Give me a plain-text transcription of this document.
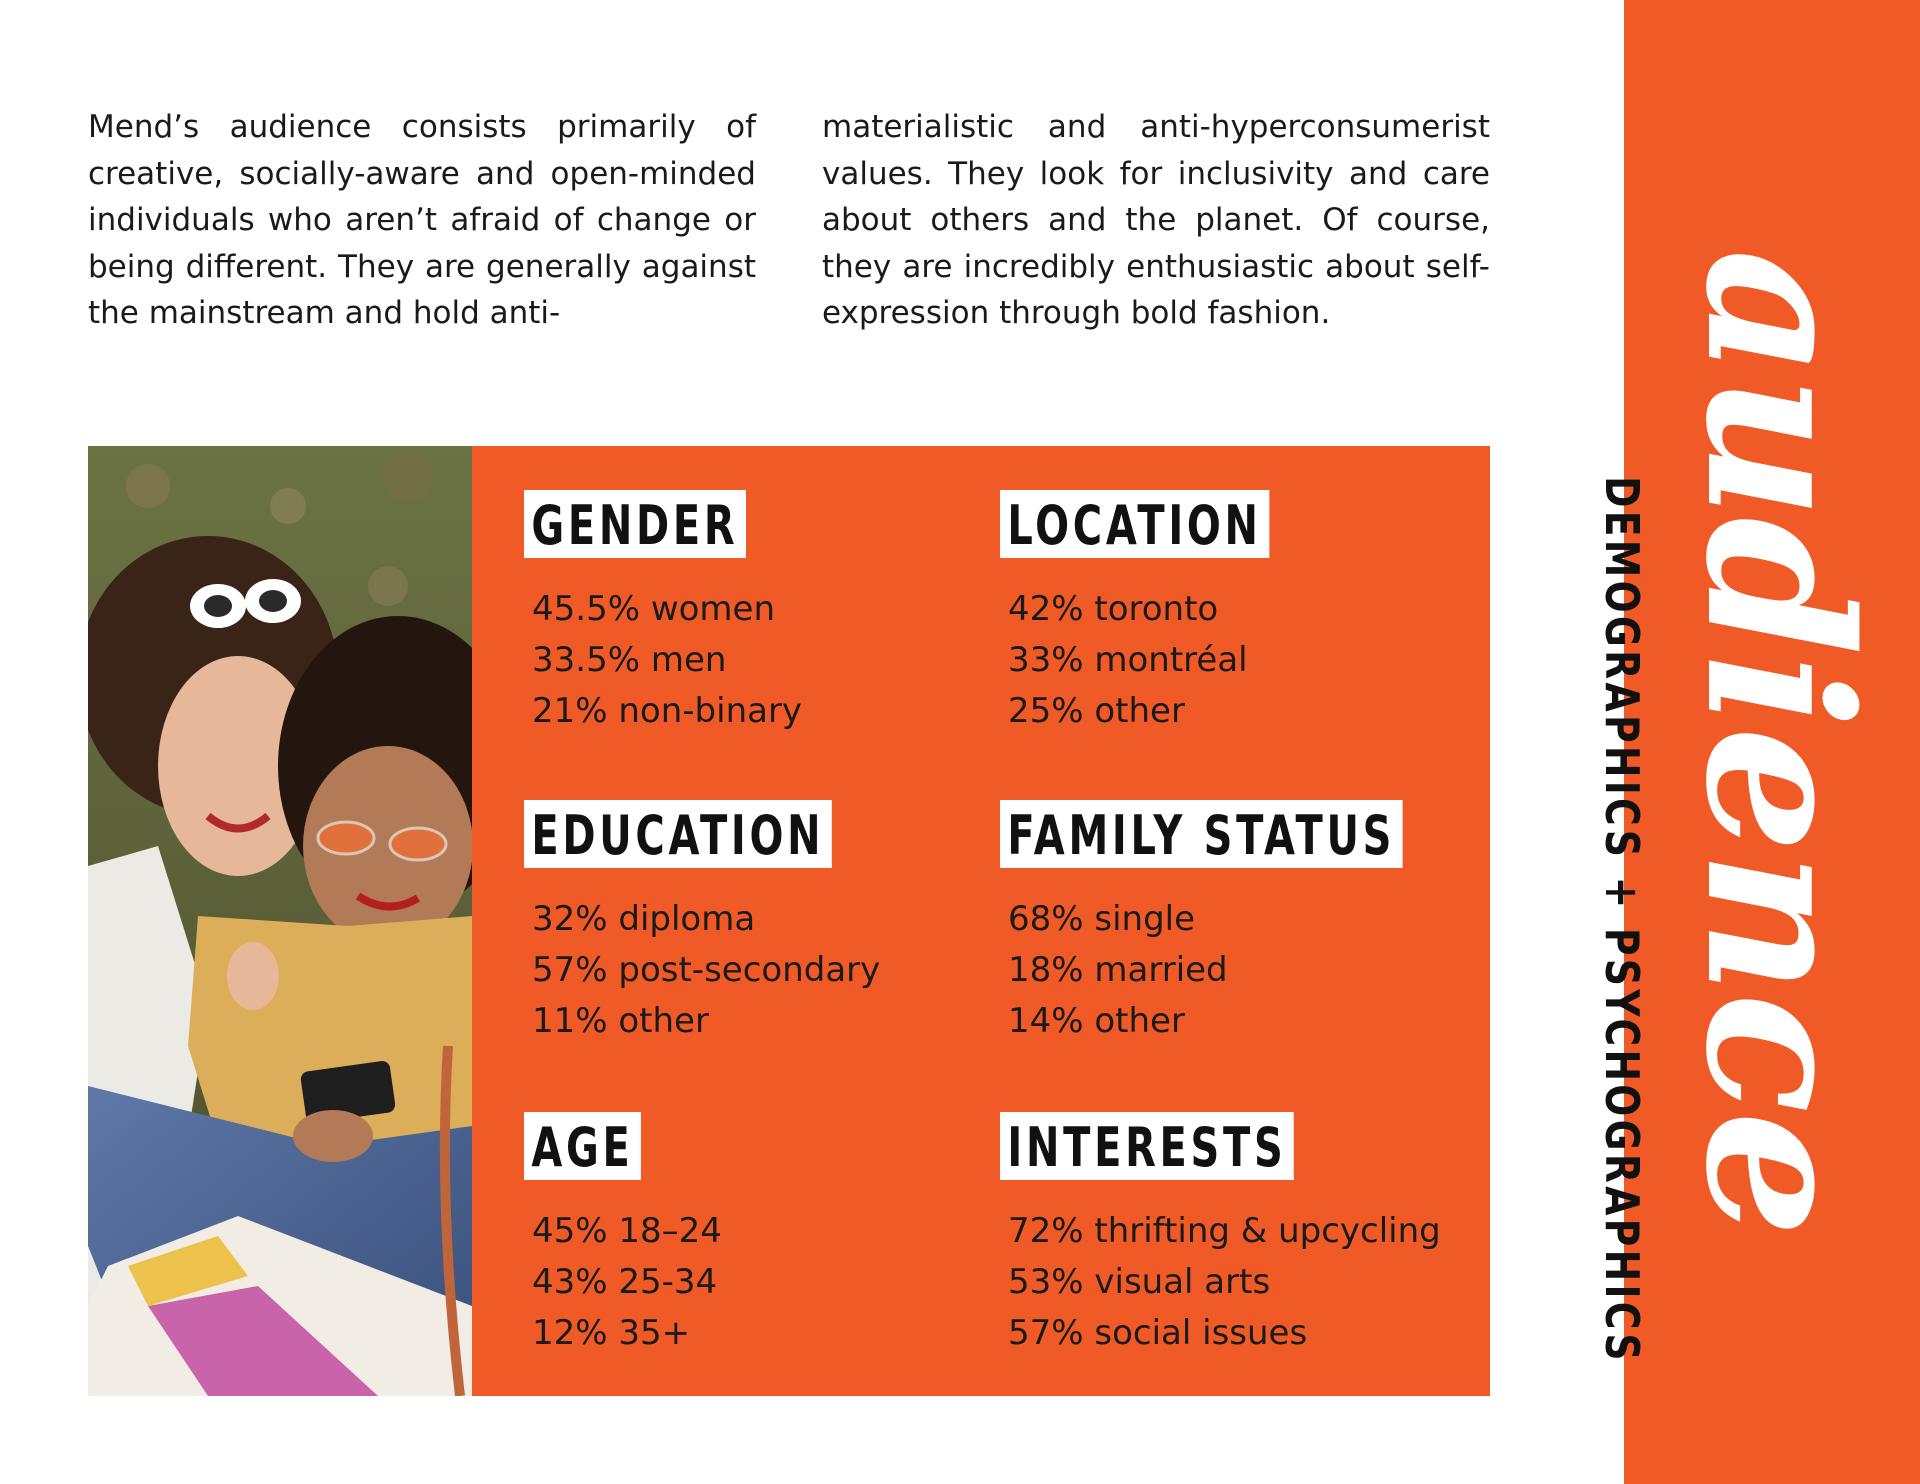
Mend’s audience consists primarily of creative, socially-aware and open-minded individuals who aren’t afraid of change or being different. They are generally against the mainstream and hold anti-

materialistic and anti-hyperconsumerist values. They look for inclusivity and care about others and the planet. Of course, they are incredibly enthusiastic about self-expression through bold fashion.

GENDER
45.5% women
33.5% men
21% non-binary
LOCATION
42% toronto
33% montréal
25% other
EDUCATION
32% diploma
57% post-secondary
11% other
FAMILY STATUS
68% single
18% married
14% other
AGE
45% 18–24
43% 25-34
12% 35+
INTERESTS
72% thrifting & upcycling
53% visual arts
57% social issues
audience
DEMOGRAPHICS + PSYCHOGRAPHICS
